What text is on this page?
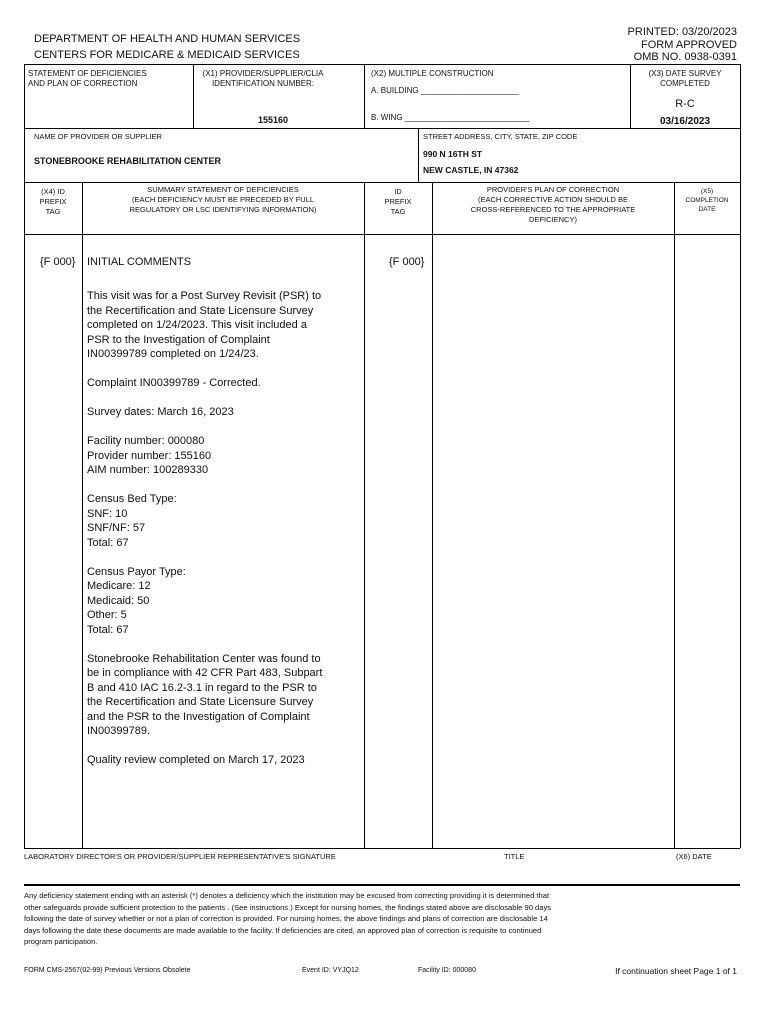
DEPARTMENT OF HEALTH AND HUMAN SERVICES
CENTERS FOR MEDICARE & MEDICAID SERVICES
PRINTED: 03/20/2023
FORM APPROVED
OMB NO. 0938-0391
STATEMENT OF DEFICIENCIES
AND PLAN OF CORRECTION
(X1) PROVIDER/SUPPLIER/CLIA
IDENTIFICATION NUMBER:
155160
(X2) MULTIPLE CONSTRUCTION
A. BUILDING ______________________
B. WING ____________________________
(X3) DATE SURVEY
COMPLETED
R-C
03/16/2023
NAME OF PROVIDER OR SUPPLIER
STONEBROOKE REHABILITATION CENTER
STREET ADDRESS, CITY, STATE, ZIP CODE
990 N 16TH ST
NEW CASTLE, IN 47362
(X4) ID
PREFIX
TAG
SUMMARY STATEMENT OF DEFICIENCIES
(EACH DEFICIENCY MUST BE PRECEDED BY FULL
REGULATORY OR LSC IDENTIFYING INFORMATION)
ID
PREFIX
TAG
PROVIDER'S PLAN OF CORRECTION
(EACH CORRECTIVE ACTION SHOULD BE
CROSS-REFERENCED TO THE APPROPRIATE
DEFICIENCY)
(X5)
COMPLETION
DATE
{F 000}	{F 000}
INITIAL COMMENTS

This visit was for a Post Survey Revisit (PSR) to
the Recertification and State Licensure Survey
completed on 1/24/2023. This visit included a
PSR to the Investigation of Complaint
IN00399789 completed on 1/24/23.

Complaint IN00399789 - Corrected.

Survey dates: March 16, 2023

Facility number: 000080
Provider number: 155160
AIM number: 100289330

Census Bed Type:
SNF: 10
SNF/NF: 57
Total: 67

Census Payor Type:
Medicare: 12
Medicaid: 50
Other: 5
Total: 67

Stonebrooke Rehabilitation Center was found to
be in compliance with 42 CFR Part 483, Subpart
B and 410 IAC 16.2-3.1 in regard to the PSR to
the Recertification and State Licensure Survey
and the PSR to the Investigation of Complaint
IN00399789.

Quality review completed on March 17, 2023

LABORATORY DIRECTOR'S OR PROVIDER/SUPPLIER REPRESENTATIVE'S SIGNATURE	TITLE	(X6) DATE
Any deficiency statement ending with an asterisk (*) denotes a deficiency which the institution may be excused from correcting providing it is determined that
other safeguards provide sufficient protection to the patients . (See instructions.) Except for nursing homes, the findings stated above are disclosable 90 days
following the date of survey whether or not a plan of correction is provided. For nursing homes, the above findings and plans of correction are disclosable 14
days following the date these documents are made available to the facility. If deficiencies are cited, an approved plan of correction is requisite to continued
program participation.
FORM CMS-2567(02-99) Previous Versions Obsolete	Event ID: VYJQ12	Facility ID: 000080	If continuation sheet Page 1 of 1
